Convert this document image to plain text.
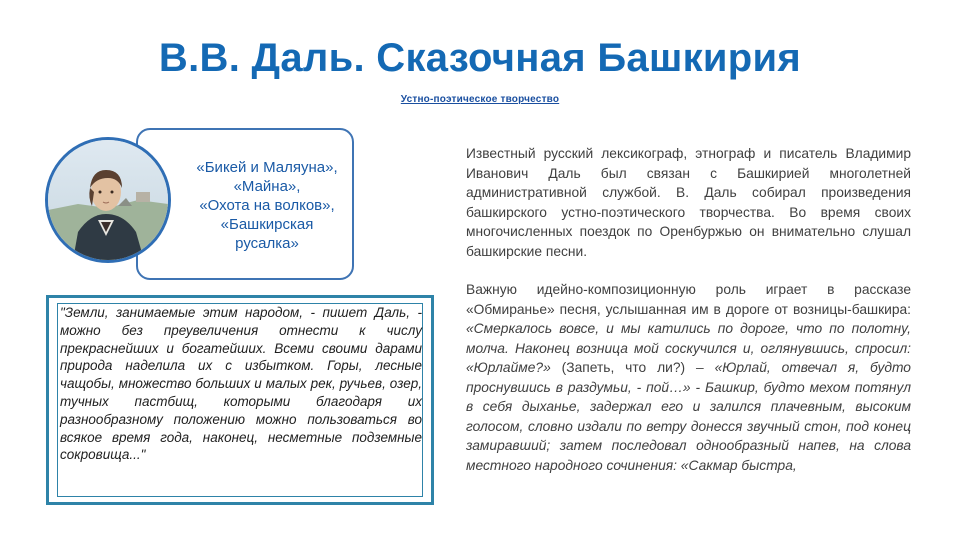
В.В. Даль. Сказочная Башкирия
Устно-поэтическое творчество
«Бикей и Маляуна»,
«Майна»,
«Охота на волков»,
«Башкирская
русалка»
"Земли, занимаемые этим народом, - пишет Даль, - можно без преувеличения отнести к числу прекраснейших и богатейших. Всеми своими дарами природа наделила их с избытком. Горы, лесные чащобы, множество больших и малых рек, ручьев, озер, тучных пастбищ, которыми благодаря их разнообразному положению можно пользоваться во всякое время года, наконец, несметные подземные сокровища..."

Известный русский лексикограф, этнограф и писатель Владимир Иванович Даль был связан с Башкирией многолетней административной службой. В. Даль собирал произведения башкирского устно-поэтического творчества. Во время своих многочисленных поездок по Оренбуржью он внимательно слушал башкирские песни.

Важную идейно-композиционную роль играет в рассказе «Обмиранье» песня, услышанная им в дороге от возницы-башкира: «Смеркалось вовсе, и мы катились по дороге, что по полотну, молча. Наконец возница мой соскучился и, оглянувшись, спросил: «Юрлайме?» (Запеть, что ли?) – «Юрлай, отвечал я, будто проснувшись в раздумьи, - пой…» - Башкир, будто мехом потянул в себя дыханье, задержал его и залился плачевным, высоким голосом, словно издали по ветру донесся звучный стон, под конец замиравший; затем последовал однообразный напев, на слова местного народного сочинения: «Сакмар быстра,
